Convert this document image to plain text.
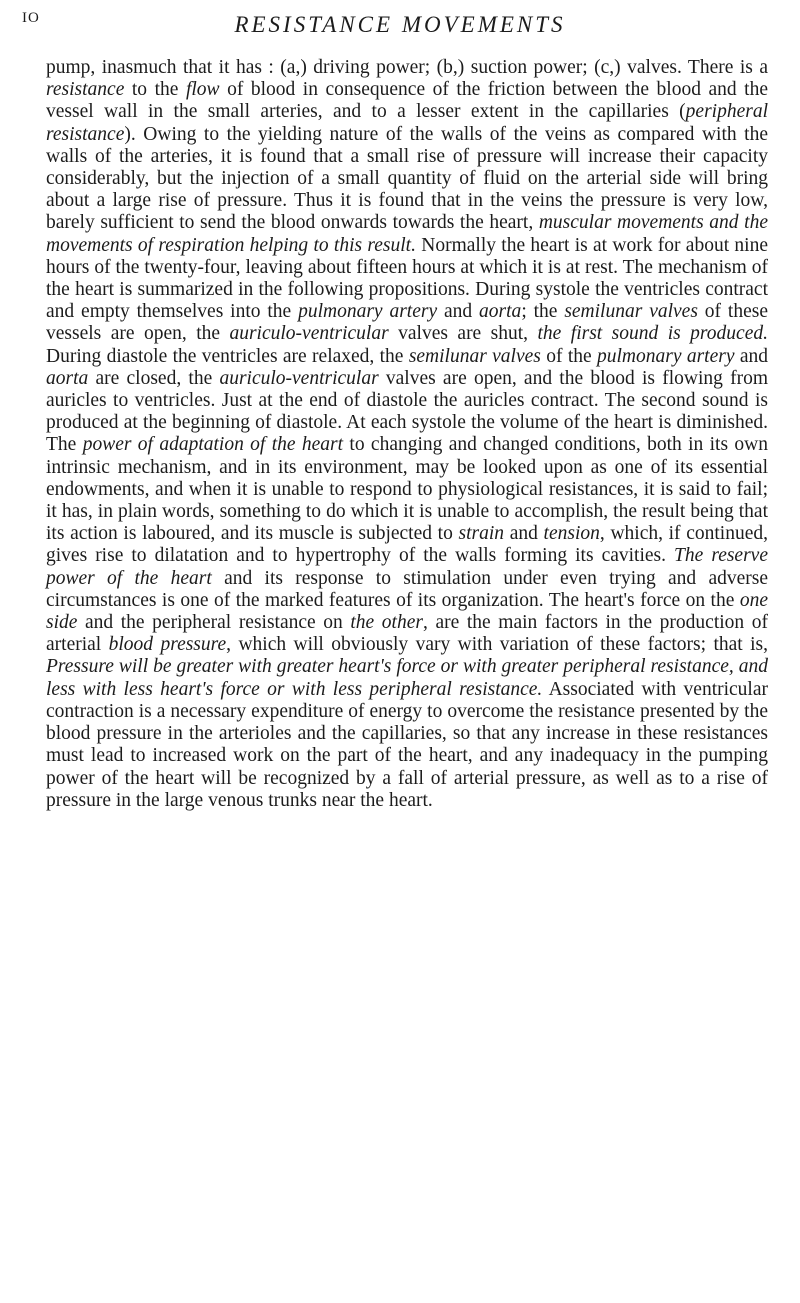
IO	RESISTANCE MOVEMENTS

pump, inasmuch that it has : (a,) driving power; (b,) suction power; (c,) valves. There is a resistance to the flow of blood in consequence of the friction between the blood and the vessel wall in the small arteries, and to a lesser extent in the capillaries (peripheral resistance). Owing to the yielding nature of the walls of the veins as compared with the walls of the arteries, it is found that a small rise of pressure will increase their capacity considerably, but the injection of a small quantity of fluid on the arterial side will bring about a large rise of pressure. Thus it is found that in the veins the pressure is very low, barely sufficient to send the blood onwards towards the heart, muscular movements and the movements of respiration helping to this result. Normally the heart is at work for about nine hours of the twenty-four, leaving about fifteen hours at which it is at rest. The mechanism of the heart is summarized in the following propositions. During systole the ventricles contract and empty themselves into the pulmonary artery and aorta; the semilunar valves of these vessels are open, the auriculo-ventricular valves are shut, the first sound is produced. During diastole the ventricles are relaxed, the semilunar valves of the pulmonary artery and aorta are closed, the auriculo-ventricular valves are open, and the blood is flowing from auricles to ventricles. Just at the end of diastole the auricles contract. The second sound is produced at the beginning of diastole. At each systole the volume of the heart is diminished. The power of adaptation of the heart to changing and changed conditions, both in its own intrinsic mechanism, and in its environment, may be looked upon as one of its essential endowments, and when it is unable to respond to physiological resistances, it is said to fail; it has, in plain words, something to do which it is unable to accomplish, the result being that its action is laboured, and its muscle is subjected to strain and tension, which, if continued, gives rise to dilatation and to hypertrophy of the walls forming its cavities. The reserve power of the heart and its response to stimulation under even trying and adverse circumstances is one of the marked features of its organization. The heart's force on the one side and the peripheral resistance on the other, are the main factors in the production of arterial blood pressure, which will obviously vary with variation of these factors; that is, Pressure will be greater with greater heart's force or with greater peripheral resistance, and less with less heart's force or with less peripheral resistance. Associated with ventricular contraction is a necessary expenditure of energy to overcome the resistance presented by the blood pressure in the arterioles and the capillaries, so that any increase in these resistances must lead to increased work on the part of the heart, and any inadequacy in the pumping power of the heart will be recognized by a fall of arterial pressure, as well as to a rise of pressure in the large venous trunks near the heart.
